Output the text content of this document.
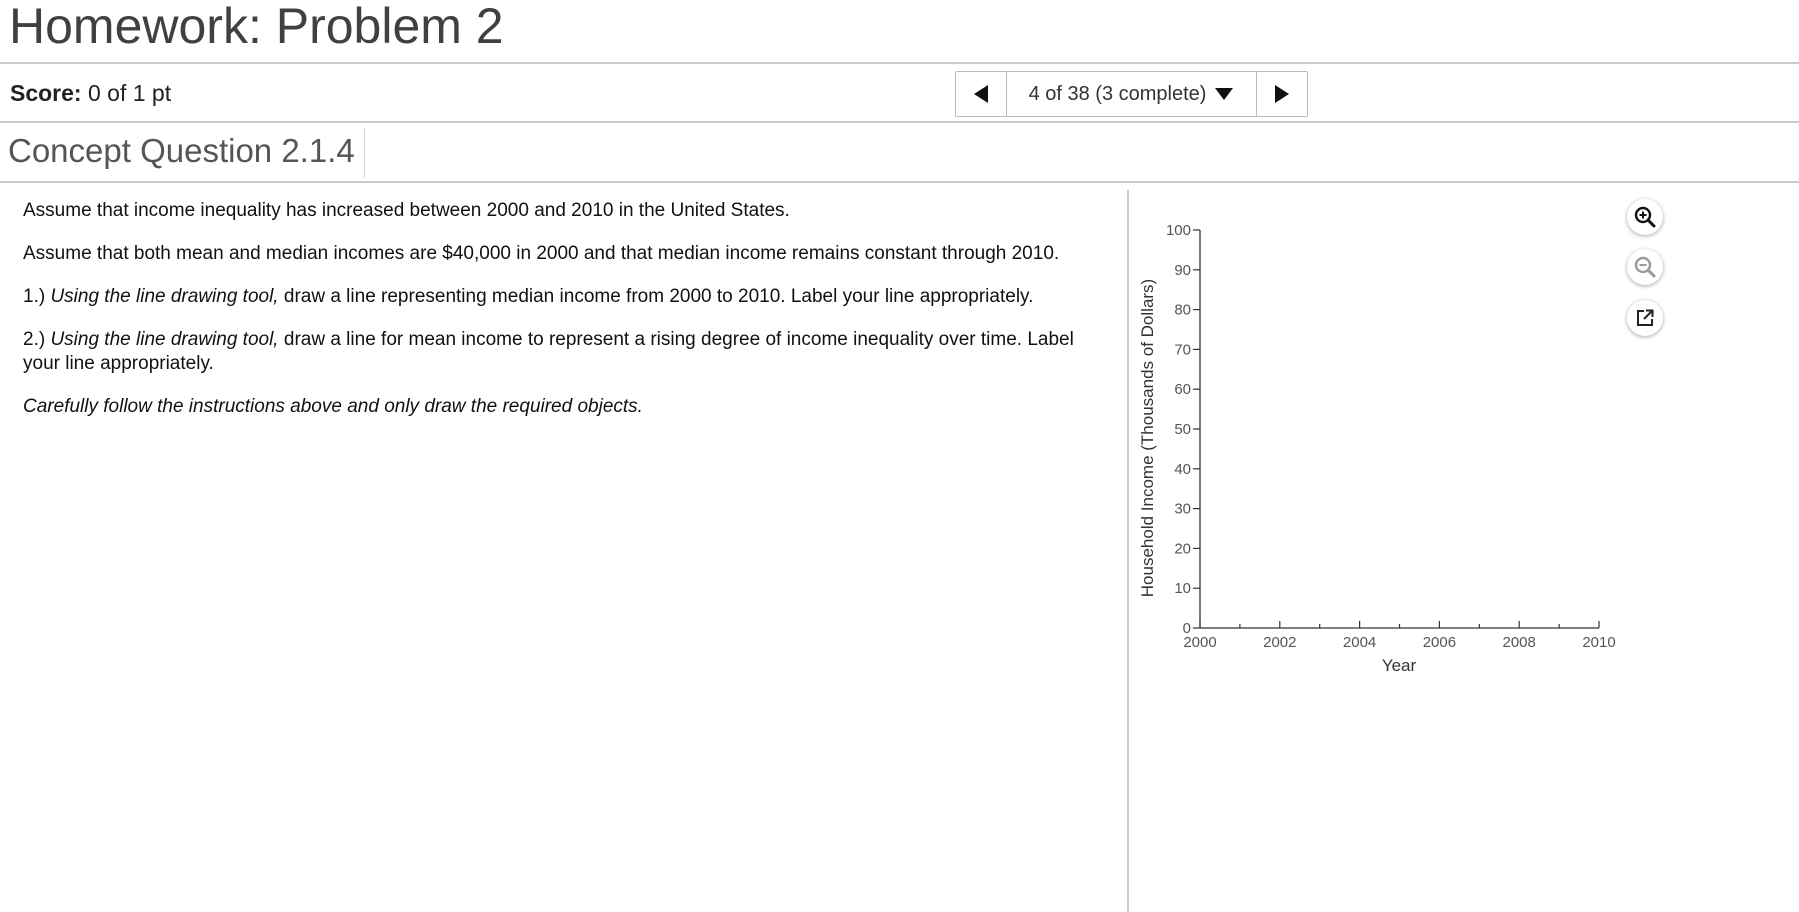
Homework: Problem 2
Score: 0 of 1 pt	4 of 38 (3 complete)
Concept Question 2.1.4

Assume that income inequality has increased between 2000 and 2010 in the United States.

Assume that both mean and median incomes are $40,000 in 2000 and that median income remains constant through 2010.

1.) Using the line drawing tool, draw a line representing median income from 2000 to 2010. Label your line appropriately.

2.) Using the line drawing tool, draw a line for mean income to represent a rising degree of income inequality over time. Label your line appropriately.

Carefully follow the instructions above and only draw the required objects.	Household Income (Thousands of Dollars)
Year
0
10
20
30
40
50
60
70
80
90
100
2000	2002	2004	2006	2008	2010
